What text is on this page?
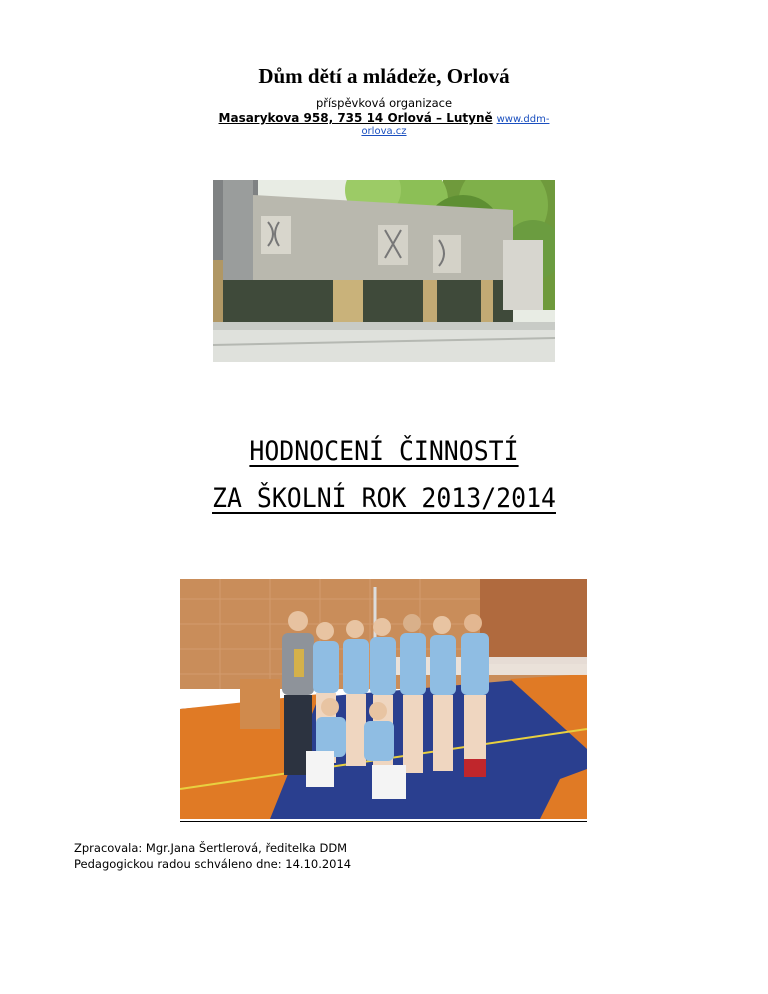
Dům dětí a mládeže, Orlová
příspěvková organizace
Masarykova 958, 735 14 Orlová – Lutyně www.ddm-
orlova.cz
HODNOCENÍ ČINNOSTÍ
ZA ŠKOLNÍ ROK 2013/2014
Zpracovala: Mgr.Jana Šertlerová, ředitelka DDM
Pedagogickou radou schváleno dne: 14.10.2014
